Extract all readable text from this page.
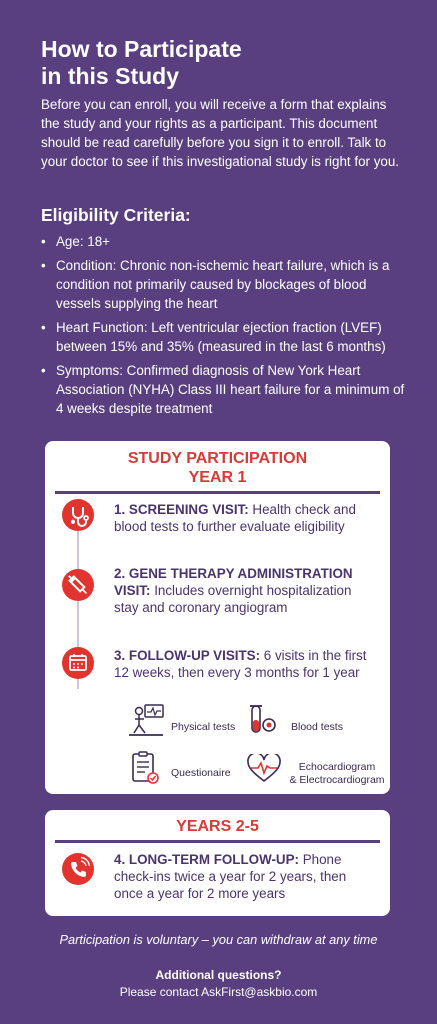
How to Participate
in this Study

Before you can enroll, you will receive a form that explains the study and your rights as a participant. This document should be read carefully before you sign it to enroll. Talk to your doctor to see if this investigational study is right for you.

Eligibility Criteria:
• Age: 18+
• Condition: Chronic non-ischemic heart failure, which is a condition not primarily caused by blockages of blood vessels supplying the heart
• Heart Function: Left ventricular ejection fraction (LVEF) between 15% and 35% (measured in the last 6 months)
• Symptoms: Confirmed diagnosis of New York Heart Association (NYHA) Class III heart failure for a minimum of 4 weeks despite treatment
STUDY PARTICIPATION
YEAR 1
1. SCREENING VISIT: Health check and blood tests to further evaluate eligibility
2. GENE THERAPY ADMINISTRATION VISIT: Includes overnight hospitalization stay and coronary angiogram
3. FOLLOW-UP VISITS: 6 visits in the first 12 weeks, then every 3 months for 1 year
Physical tests	Blood tests
Questionaire	Echocardiogram
& Electrocardiogram
YEARS 2-5
4. LONG-TERM FOLLOW-UP: Phone check-ins twice a year for 2 years, then once a year for 2 more years
Participation is voluntary – you can withdraw at any time
Additional questions?
Please contact AskFirst@askbio.com
